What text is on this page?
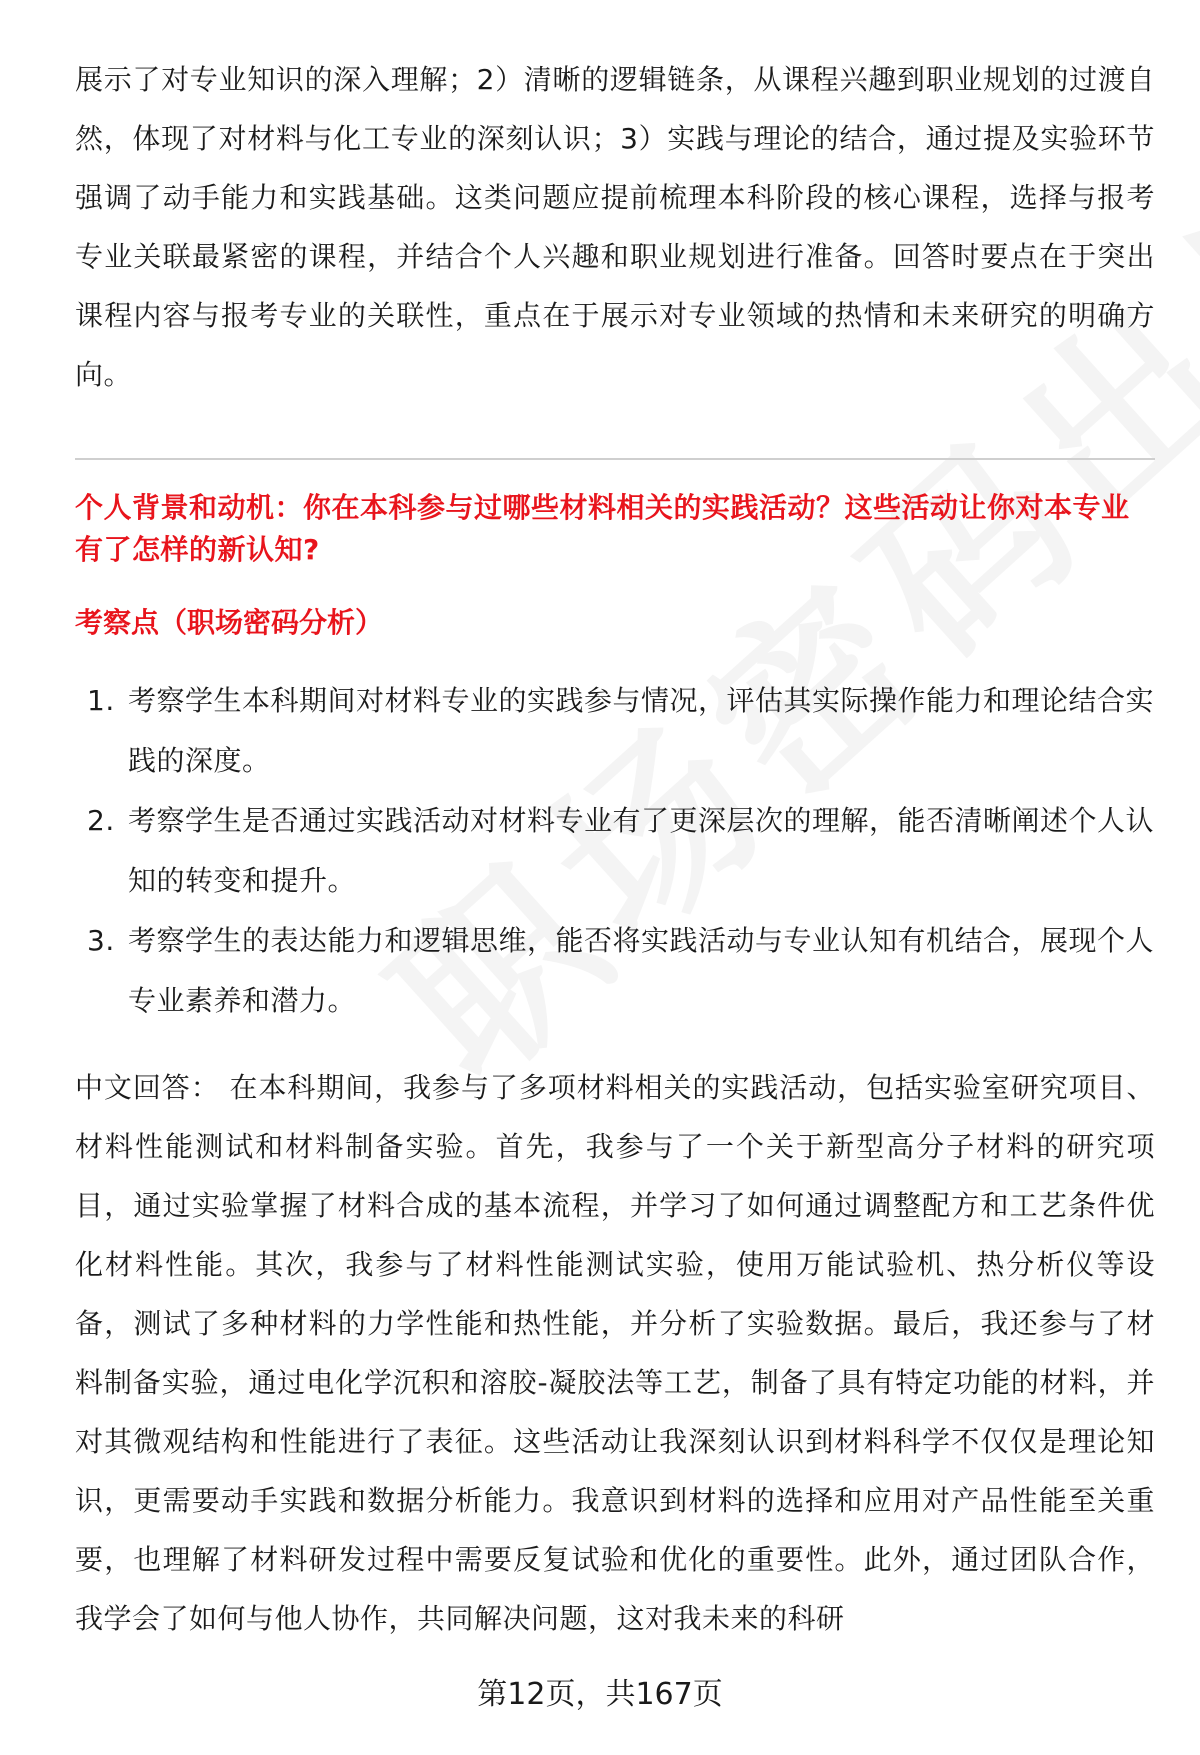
展示了对专业知识的深入理解；2）清晰的逻辑链条，从课程兴趣到职业规划的过渡自然，体现了对材料与化工专业的深刻认识；3）实践与理论的结合，通过提及实验环节强调了动手能力和实践基础。这类问题应提前梳理本科阶段的核心课程，选择与报考专业关联最紧密的课程，并结合个人兴趣和职业规划进行准备。回答时要点在于突出课程内容与报考专业的关联性，重点在于展示对专业领域的热情和未来研究的明确方向。

个人背景和动机：你在本科参与过哪些材料相关的实践活动？这些活动让你对本专业有了怎样的新认知?

考察点（职场密码分析）

1. 考察学生本科期间对材料专业的实践参与情况，评估其实际操作能力和理论结合实践的深度。
2. 考察学生是否通过实践活动对材料专业有了更深层次的理解，能否清晰阐述个人认知的转变和提升。
3. 考察学生的表达能力和逻辑思维，能否将实践活动与专业认知有机结合，展现个人专业素养和潜力。

中文回答： 在本科期间，我参与了多项材料相关的实践活动，包括实验室研究项目、材料性能测试和材料制备实验。首先，我参与了一个关于新型高分子材料的研究项目，通过实验掌握了材料合成的基本流程，并学习了如何通过调整配方和工艺条件优化材料性能。其次，我参与了材料性能测试实验，使用万能试验机、热分析仪等设备，测试了多种材料的力学性能和热性能，并分析了实验数据。最后，我还参与了材料制备实验，通过电化学沉积和溶胶-凝胶法等工艺，制备了具有特定功能的材料，并对其微观结构和性能进行了表征。这些活动让我深刻认识到材料科学不仅仅是理论知识，更需要动手实践和数据分析能力。我意识到材料的选择和应用对产品性能至关重要，也理解了材料研发过程中需要反复试验和优化的重要性。此外，通过团队合作，我学会了如何与他人协作，共同解决问题，这对我未来的科研

第12页，共167页
